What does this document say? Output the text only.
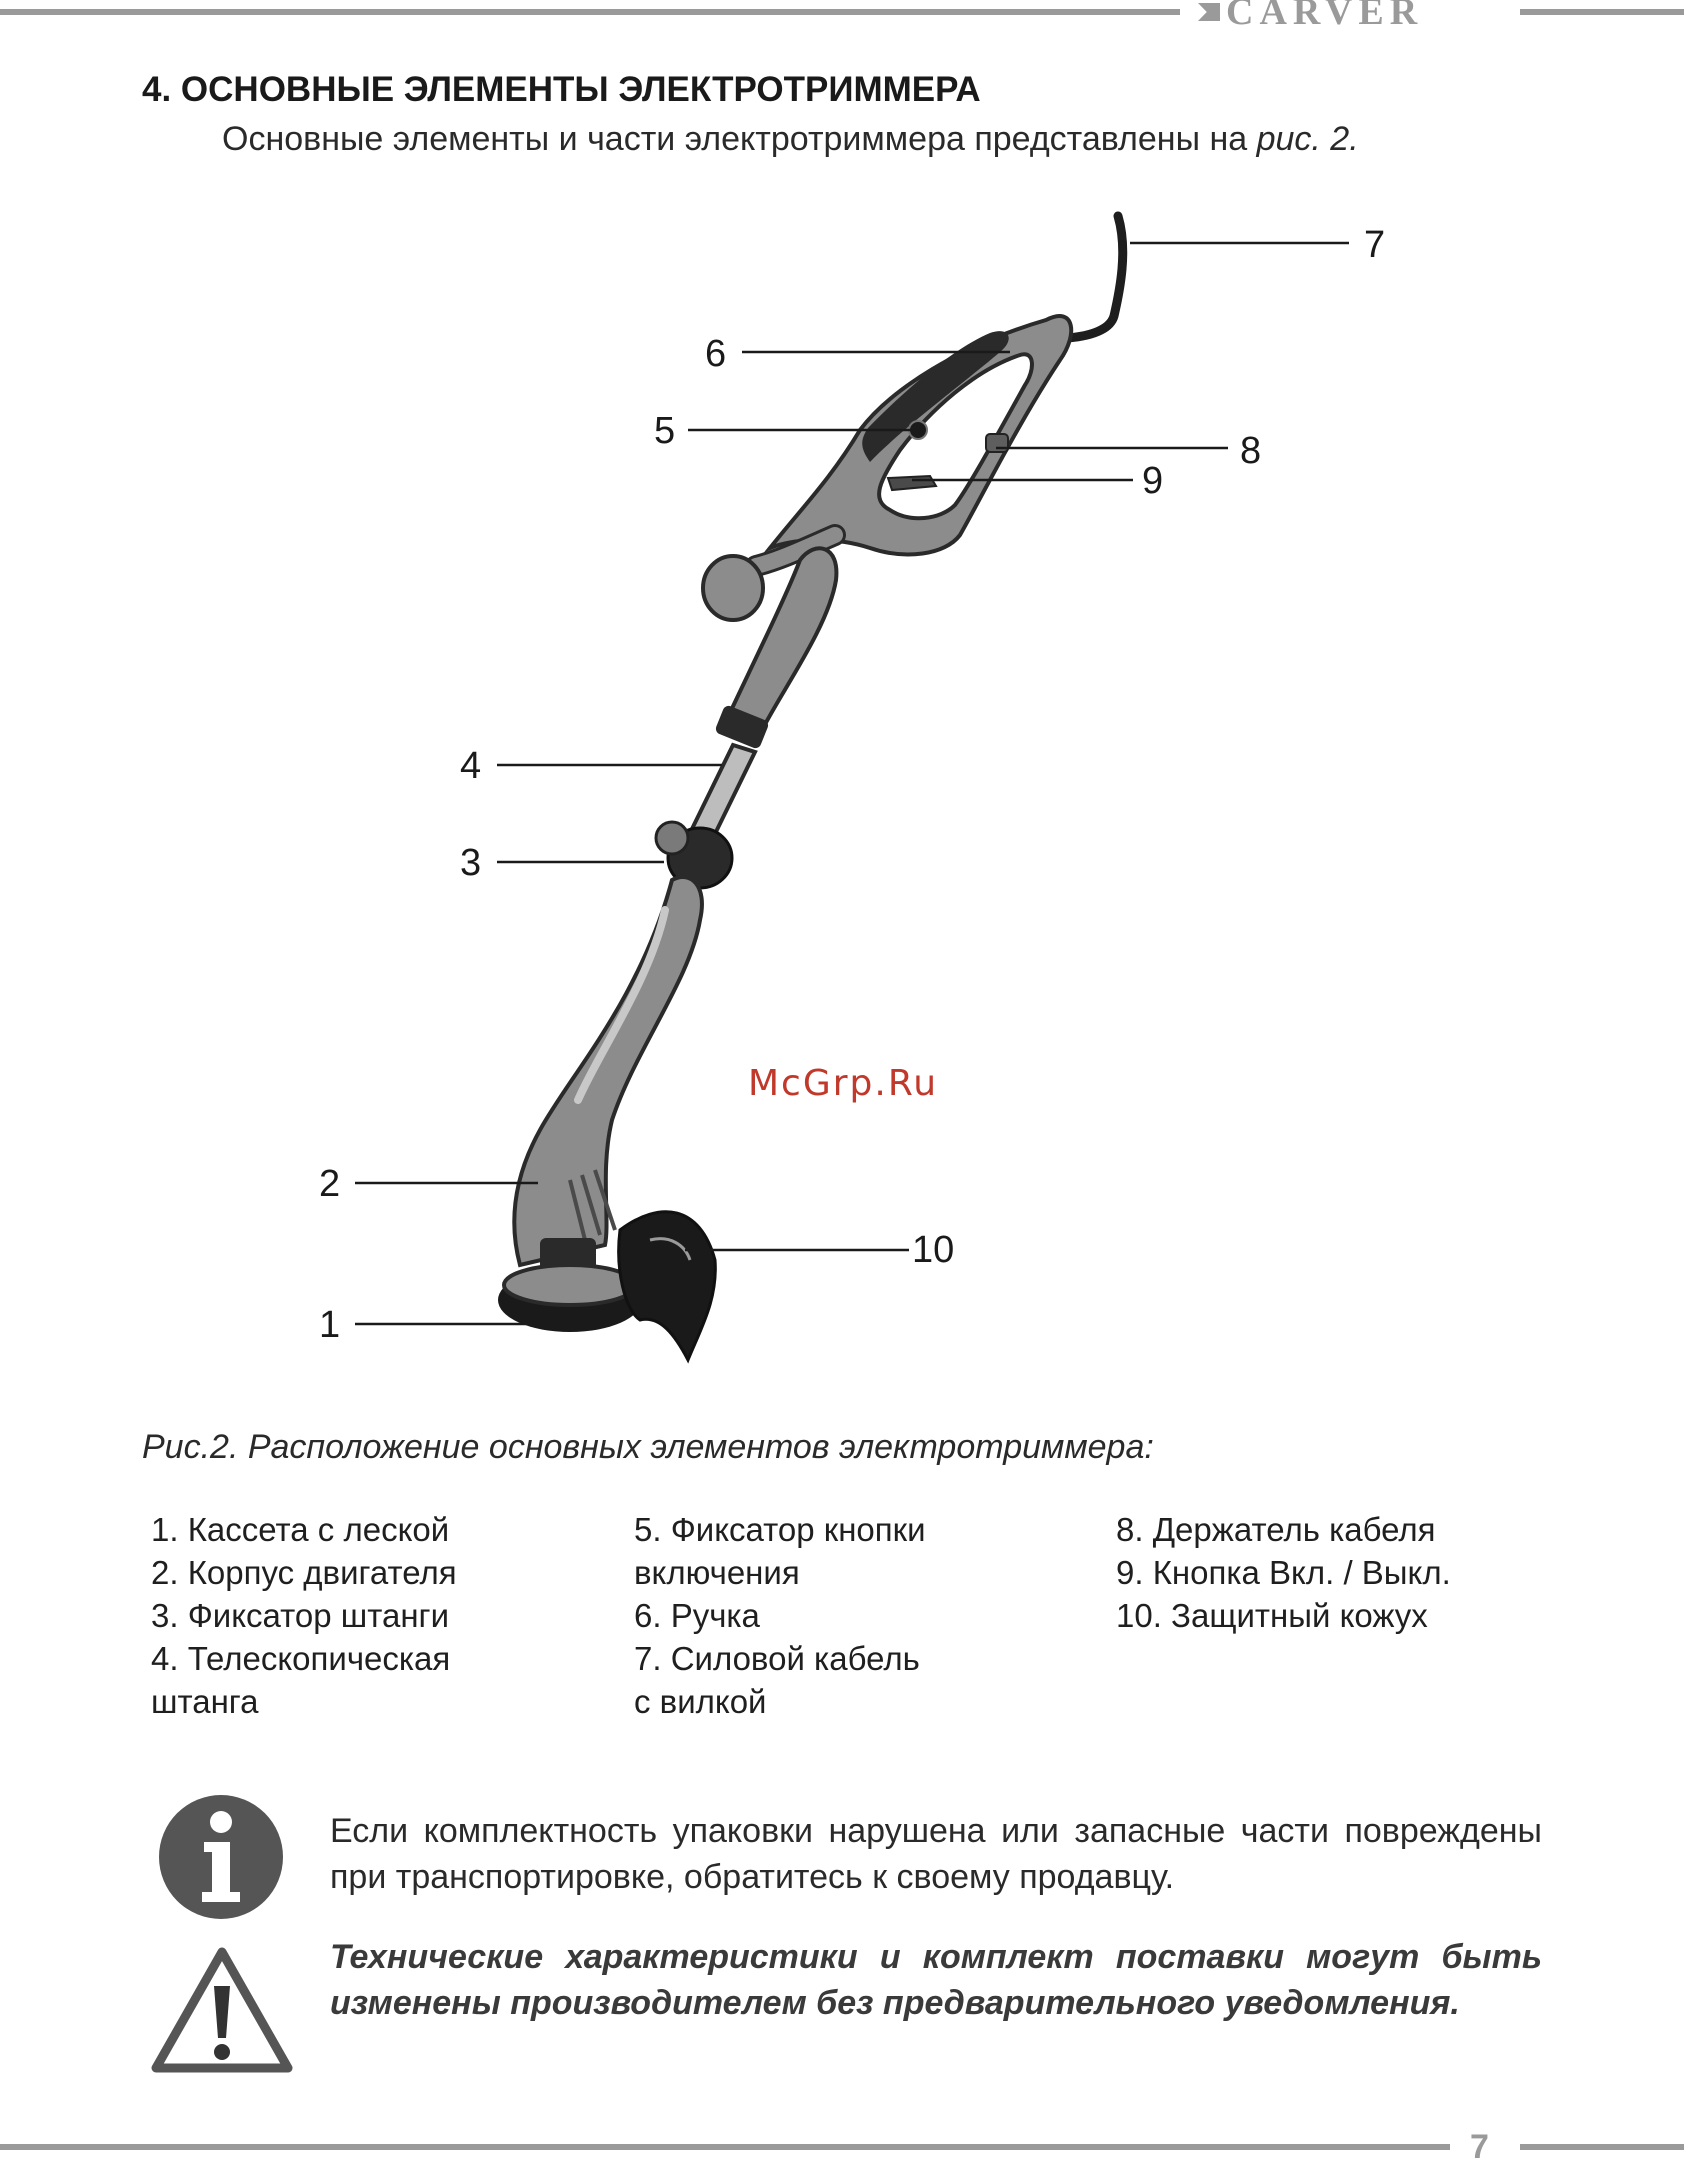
CARVER
4. ОСНОВНЫЕ ЭЛЕМЕНТЫ ЭЛЕКТРОТРИММЕРА

Основные элементы и части электротриммера представлены на рис. 2.

1
2
3
4
5
6
7
8
9
10
McGrp.Ru

Рис.2. Расположение основных элементов электротриммера:

1. Кассета с леской
2. Корпус двигателя
3. Фиксатор штанги
4. Телескопическая
штанга
5. Фиксатор кнопки
включения
6. Ручка
7. Силовой кабель
с вилкой
8. Держатель кабеля
9. Кнопка Вкл. / Выкл.
10. Защитный кожух

Если комплектность упаковки нарушена или запасные части повреждены при транспортировке, обратитесь к своему продавцу.

Технические характеристики и комплект поставки могут быть изменены производителем без предварительного уведомления.

7
